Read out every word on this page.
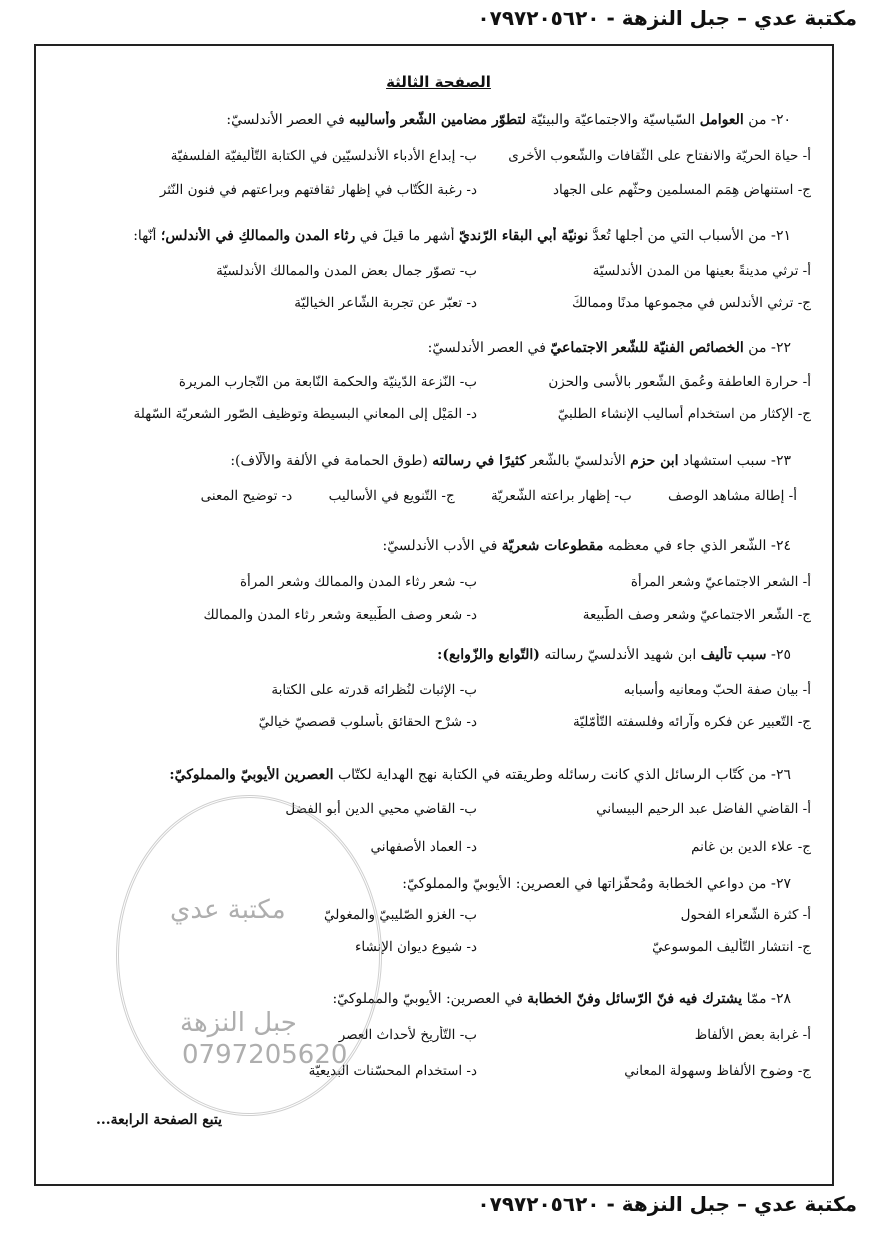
مكتبة عدي – جبل النزهة - ٠٧٩٧٢٠٥٦٢٠
الصفحة الثالثة
٢٠- من العوامل السّياسيّة والاجتماعيّة والبيئيّة لتطوّر مضامين الشّعر وأساليبه في العصر الأندلسيّ:
أ- حياة الحريّة والانفتاح على الثّقافات والشّعوب الأخرى
ب- إبداع الأدباء الأندلسيّين في الكتابة التّأليفيّة الفلسفيّة
ج- استنهاض هِمَم المسلمين وحثّهم على الجهاد
د- رغبة الكُتّاب في إظهار ثقافتهم وبراعتهم في فنون النّثر
٢١- من الأسباب التي من أجلها تُعدُّ نونيّة أبي البقاء الرّنديّ أشهر ما قيلَ في رثاء المدن والممالكِ في الأندلس؛ أنّها:
أ- ترثي مدينةً بعينها من المدن الأندلسيّة
ب- تصوّر جمال بعض المدن والممالك الأندلسيّة
ج- ترثي الأندلس في مجموعها مدنًا وممالكَ
د- تعبّر عن تجربة الشّاعر الخياليّة
٢٢- من الخصائص الفنيّة للشّعر الاجتماعيّ في العصر الأندلسيّ:
أ- حرارة العاطفة وعُمق الشّعور بالأسى والحزن
ب- النّزعة الدّينيّة والحكمة النّابعة من التّجارب المريرة
ج- الإكثار من استخدام أساليب الإنشاء الطلبيّ
د- المَيْل إلى المعاني البسيطة وتوظيف الصّور الشعريّة السّهلة
٢٣- سبب استشهاد ابن حزم الأندلسيّ بالشّعر كثيرًا في رسالته (طوق الحمامة في الأُلفة والأُلّاف):
أ- إطالة مشاهد الوصف ب- إظهار براعته الشّعريّة ج- التّنويع في الأساليب د- توضيح المعنى
٢٤- الشّعر الذي جاء في معظمه مقطوعات شعريّة في الأدب الأندلسيّ:
أ- الشعر الاجتماعيّ وشعر المرأة
ب- شعر رثاء المدن والممالك وشعر المرأة
ج- الشّعر الاجتماعيّ وشعر وصف الطّبيعة
د- شعر وصف الطّبيعة وشعر رثاء المدن والممالك
٢٥- سبب تأليف ابن شهيد الأندلسيّ رسالته (التّوابع والزّوابع):
أ- بيان صفة الحبّ ومعانيه وأسبابه
ب- الإثبات لنُظرائه قدرته على الكتابة
ج- التّعبير عن فكره وآرائه وفلسفته التّأمّليّة
د- شرْح الحقائق بأسلوب قصصيّ خياليّ
٢٦- من كُتّاب الرسائل الذي كانت رسائله وطريقته في الكتابة نهج الهداية لكتّاب العصرين الأيوبيّ والمملوكيّ:
أ- القاضي الفاضل عبد الرحيم البيساني
ب- القاضي محيي الدين أبو الفضل
ج- علاء الدين بن غانم
د- العماد الأصفهاني
٢٧- من دواعي الخطابة ومُحفّزاتها في العصرين: الأيوبيّ والمملوكيّ:
أ- كثرة الشّعراء الفحول
ب- الغزو الصّليبيّ والمغوليّ
ج- انتشار التّأليف الموسوعيّ
د- شيوع ديوان الإنشاء
٢٨- ممّا يشترك فيه فنّ الرّسائل وفنّ الخطابة في العصرين: الأيوبيّ والمملوكيّ:
أ- غرابة بعض الألفاظ
ب- التّأريخ لأحداث العصر
ج- وضوح الألفاظ وسهولة المعاني
د- استخدام المحسّنات البديعيّة
يتبع الصفحة الرابعة...
مكتبة عدي
جبل النزهة
0797205620
مكتبة عدي – جبل النزهة - ٠٧٩٧٢٠٥٦٢٠
